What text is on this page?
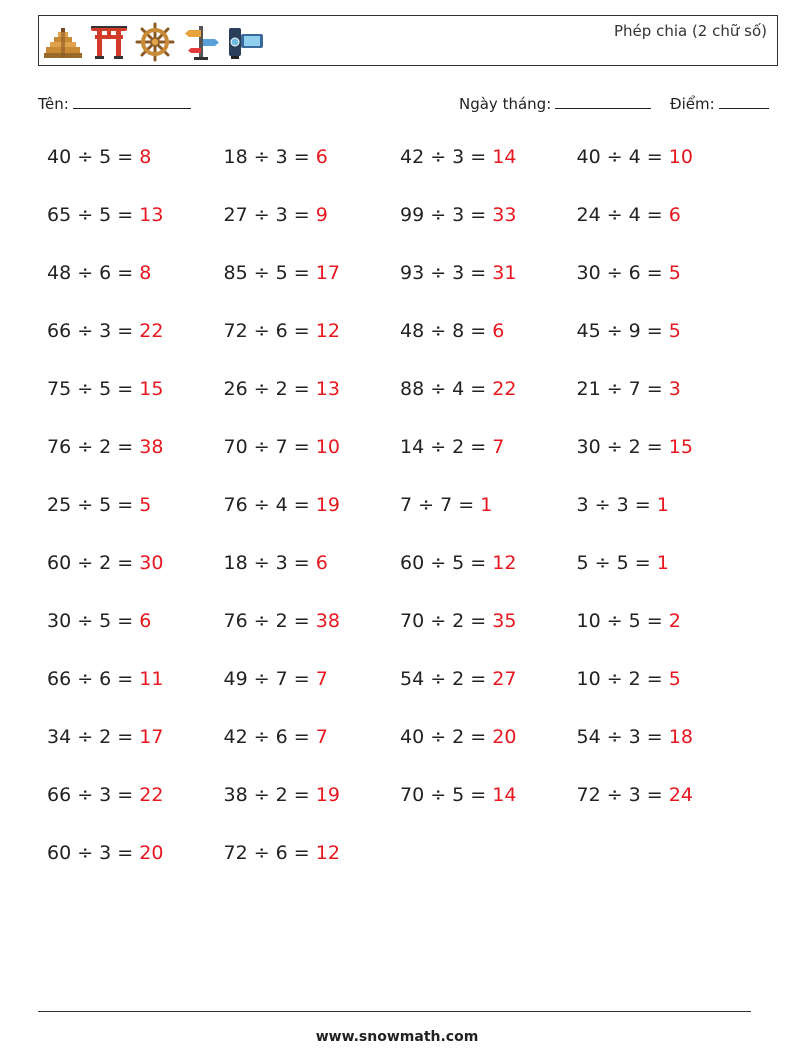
Phép chia (2 chữ số)
Tên:	Ngày tháng:	Điểm:
40 ÷ 5 = 8
65 ÷ 5 = 13
48 ÷ 6 = 8
66 ÷ 3 = 22
75 ÷ 5 = 15
76 ÷ 2 = 38
25 ÷ 5 = 5
60 ÷ 2 = 30
30 ÷ 5 = 6
66 ÷ 6 = 11
34 ÷ 2 = 17
66 ÷ 3 = 22
60 ÷ 3 = 20
18 ÷ 3 = 6
27 ÷ 3 = 9
85 ÷ 5 = 17
72 ÷ 6 = 12
26 ÷ 2 = 13
70 ÷ 7 = 10
76 ÷ 4 = 19
18 ÷ 3 = 6
76 ÷ 2 = 38
49 ÷ 7 = 7
42 ÷ 6 = 7
38 ÷ 2 = 19
72 ÷ 6 = 12
42 ÷ 3 = 14
99 ÷ 3 = 33
93 ÷ 3 = 31
48 ÷ 8 = 6
88 ÷ 4 = 22
14 ÷ 2 = 7
7 ÷ 7 = 1
60 ÷ 5 = 12
70 ÷ 2 = 35
54 ÷ 2 = 27
40 ÷ 2 = 20
70 ÷ 5 = 14
40 ÷ 4 = 10
24 ÷ 4 = 6
30 ÷ 6 = 5
45 ÷ 9 = 5
21 ÷ 7 = 3
30 ÷ 2 = 15
3 ÷ 3 = 1
5 ÷ 5 = 1
10 ÷ 5 = 2
10 ÷ 2 = 5
54 ÷ 3 = 18
72 ÷ 3 = 24
www.snowmath.com
